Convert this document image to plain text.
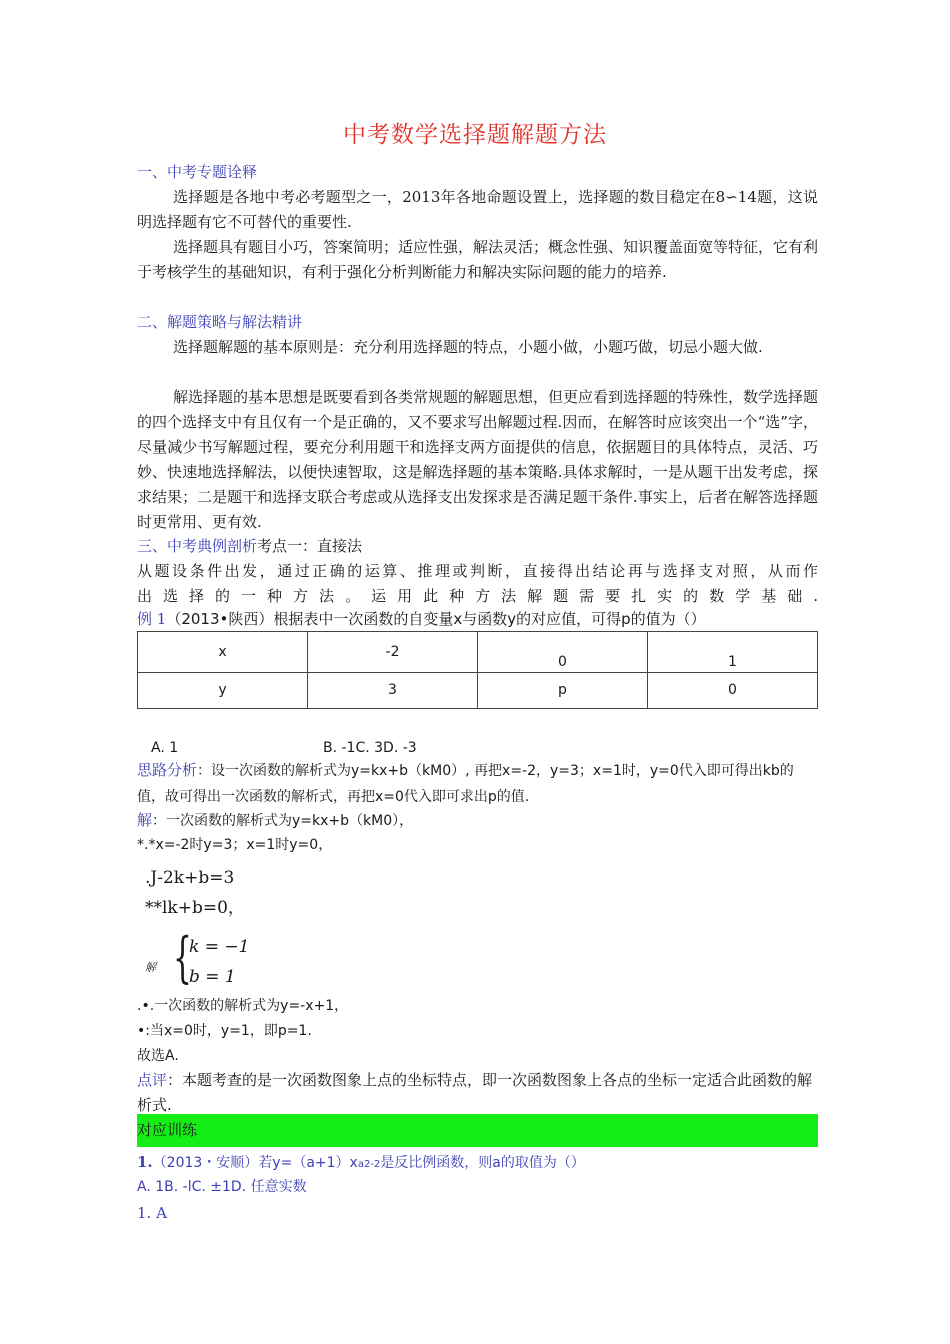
中考数学选择题解题方法
一、中考专题诠释
选择题是各地中考必考题型之一，2013年各地命题设置上，选择题的数目稳定在8∽14题，这说明选择题有它不可替代的重要性.
选择题具有题目小巧，答案简明；适应性强，解法灵活；概念性强、知识覆盖面宽等特征，它有利于考核学生的基础知识，有利于强化分析判断能力和解决实际问题的能力的培养.
二、解题策略与解法精讲
选择题解题的基本原则是：充分利用选择题的特点，小题小做，小题巧做，切忌小题大做.
解选择题的基本思想是既要看到各类常规题的解题思想，但更应看到选择题的特殊性，数学选择题的四个选择支中有且仅有一个是正确的，又不要求写出解题过程.因而，在解答时应该突出一个“选”字，尽量减少书写解题过程，要充分利用题干和选择支两方面提供的信息，依据题目的具体特点，灵活、巧妙、快速地选择解法，以便快速智取，这是解选择题的基本策略.具体求解时，一是从题干出发考虑，探求结果；二是题干和选择支联合考虑或从选择支出发探求是否满足题干条件.事实上，后者在解答选择题时更常用、更有效.
三、中考典例剖析考点一：直接法
从题设条件出发，通过正确的运算、推理或判断，直接得出结论再与选择支对照，从而作
出 选 择 的 一 种 方 法 。 运 用 此 种 方 法 解 题 需 要 扎 实 的 数 学 基 础 .
例 1（2013•陕西）根据表中一次函数的自变量x与函数y的对应值，可得p的值为（）
x	-2	0	1
y	3	p	0
A. 1	B. -1C. 3D. -3
思路分析：设一次函数的解析式为y=kx+b（kM0）, 再把x=-2，y=3；x=1时，y=0代入即可得出kb的值，故可得出一次函数的解析式，再把x=0代入即可求出p的值.
解：一次函数的解析式为y=kx+b（kM0），
*.*x=-2时y=3；x=1时y=0，
.J-2k+b=3
**lk+b=0，
解 {
k = −1
b = 1
.•.一次函数的解析式为y=-x+1，
•:当x=0时，y=1，即p=1.
故选A.
点评：本题考查的是一次函数图象上点的坐标特点，即一次函数图象上各点的坐标一定适合此函数的解析式.
对应训练
1.（2013・安顺）若y=（a+1）xa2-2是反比例函数，则a的取值为（）
A. 1B. -lC. ±1D. 任意实数
1. A
